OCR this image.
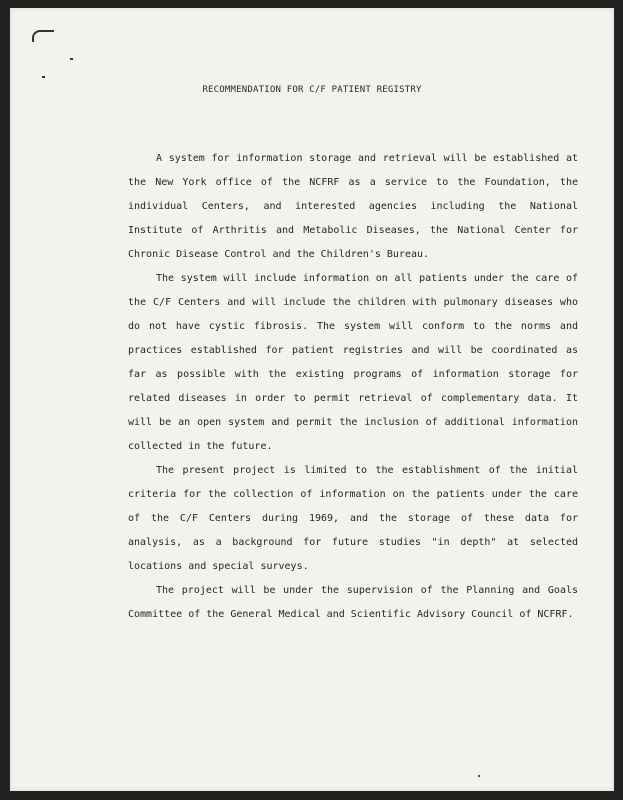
RECOMMENDATION FOR C/F PATIENT REGISTRY

A system for information storage and retrieval will be established at the New York office of the NCFRF as a service to the Foundation, the individual Centers, and interested agencies including the National Institute of Arthritis and Metabolic Diseases, the National Center for Chronic Disease Control and the Children's Bureau.

The system will include information on all patients under the care of the C/F Centers and will include the children with pulmonary diseases who do not have cystic fibrosis. The system will conform to the norms and practices established for patient registries and will be coordinated as far as possible with the existing programs of information storage for related diseases in order to permit retrieval of complementary data. It will be an open system and permit the inclusion of additional information collected in the future.

The present project is limited to the establishment of the initial criteria for the collection of information on the patients under the care of the C/F Centers during 1969, and the storage of these data for analysis, as a background for future studies "in depth" at selected locations and special surveys.

The project will be under the supervision of the Planning and Goals Committee of the General Medical and Scientific Advisory Council of NCFRF.
